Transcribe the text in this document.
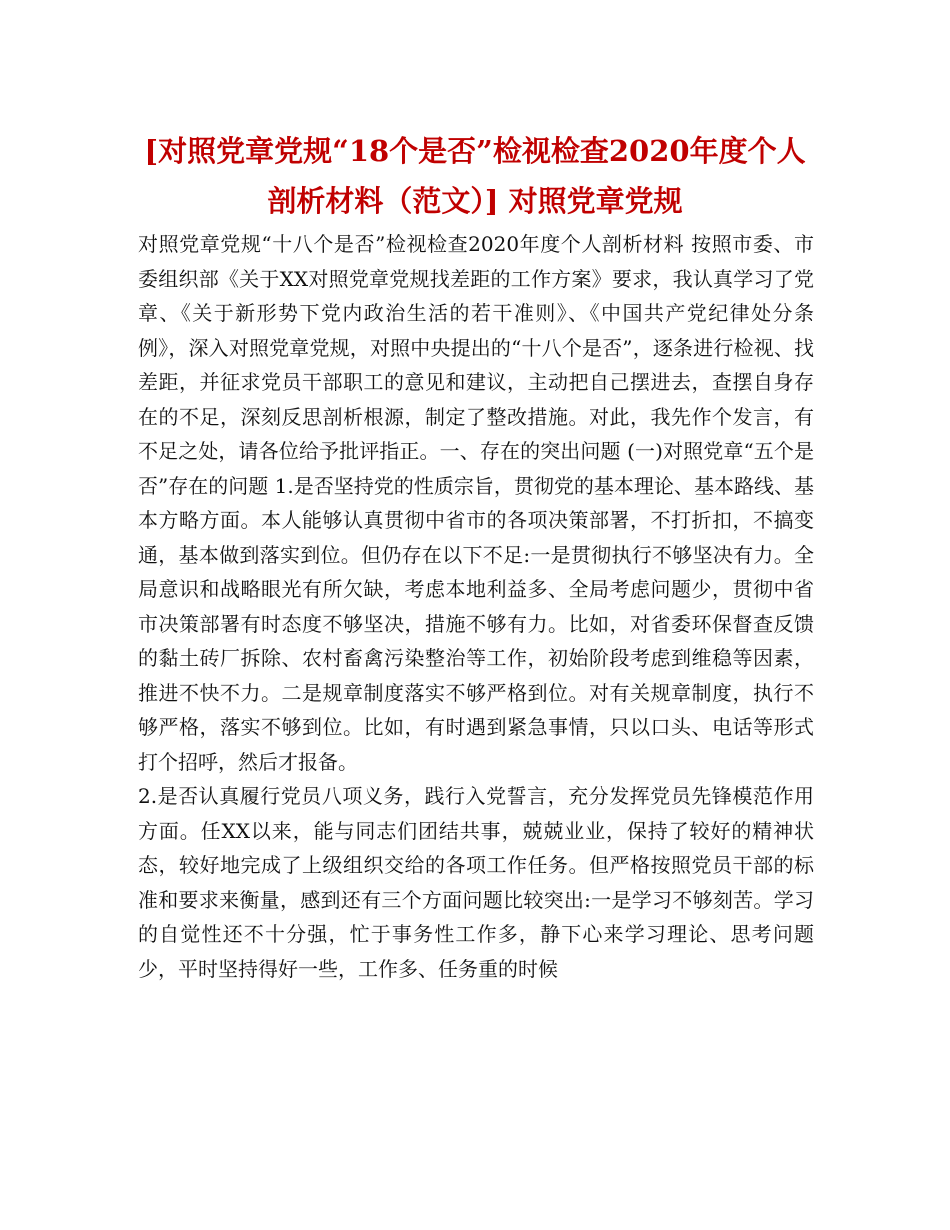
[对照党章党规“18个是否”检视检查2020年度个人
剖析材料（范文）] 对照党章党规

对照党章党规“十八个是否”检视检查2020年度个人剖析材料 按照市委、市委组织部《关于XX对照党章党规找差距的工作方案》要求，我认真学习了党章、《关于新形势下党内政治生活的若干准则》、《中国共产党纪律处分条例》，深入对照党章党规，对照中央提出的“十八个是否”，逐条进行检视、找差距，并征求党员干部职工的意见和建议，主动把自己摆进去，查摆自身存在的不足，深刻反思剖析根源，制定了整改措施。对此，我先作个发言，有不足之处，请各位给予批评指正。一、存在的突出问题 (一)对照党章“五个是否”存在的问题 1.是否坚持党的性质宗旨，贯彻党的基本理论、基本路线、基本方略方面。本人能够认真贯彻中省市的各项决策部署，不打折扣，不搞变通，基本做到落实到位。但仍存在以下不足:一是贯彻执行不够坚决有力。全局意识和战略眼光有所欠缺，考虑本地利益多、全局考虑问题少，贯彻中省市决策部署有时态度不够坚决，措施不够有力。比如，对省委环保督查反馈的黏土砖厂拆除、农村畜禽污染整治等工作，初始阶段考虑到维稳等因素，推进不快不力。二是规章制度落实不够严格到位。对有关规章制度，执行不够严格，落实不够到位。比如，有时遇到紧急事情，只以口头、电话等形式打个招呼，然后才报备。

2.是否认真履行党员八项义务，践行入党誓言，充分发挥党员先锋模范作用方面。任XX以来，能与同志们团结共事，兢兢业业，保持了较好的精神状态，较好地完成了上级组织交给的各项工作任务。但严格按照党员干部的标准和要求来衡量，感到还有三个方面问题比较突出:一是学习不够刻苦。学习的自觉性还不十分强，忙于事务性工作多，静下心来学习理论、思考问题少，平时坚持得好一些，工作多、任务重的时候
